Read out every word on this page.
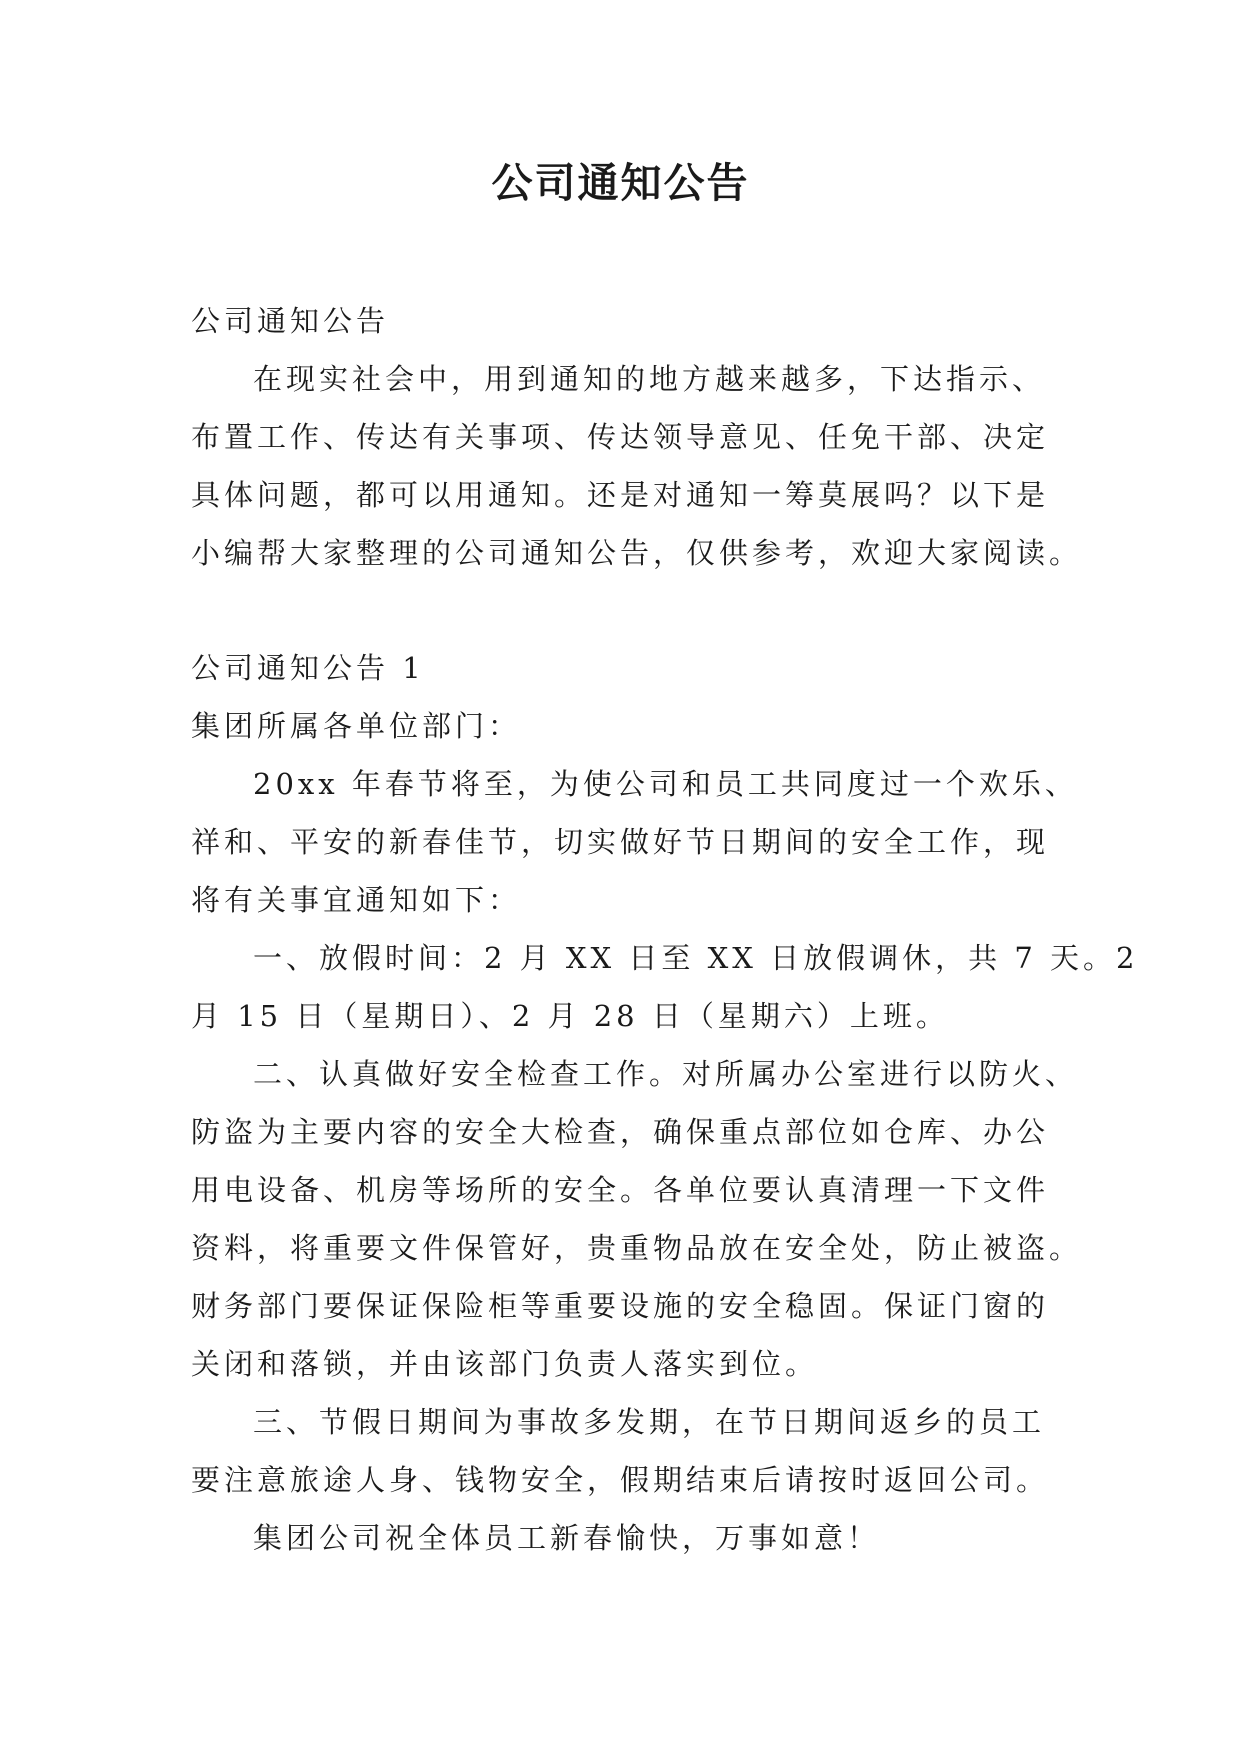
公司通知公告
公司通知公告
在现实社会中，用到通知的地方越来越多，下达指示、
布置工作、传达有关事项、传达领导意见、任免干部、决定
具体问题，都可以用通知。还是对通知一筹莫展吗？以下是
小编帮大家整理的公司通知公告，仅供参考，欢迎大家阅读。
公司通知公告 1
集团所属各单位部门：
20xx 年春节将至，为使公司和员工共同度过一个欢乐、
祥和、平安的新春佳节，切实做好节日期间的安全工作，现
将有关事宜通知如下：
一、放假时间：2 月 XX 日至 XX 日放假调休，共 7 天。2
月 15 日（星期日）、2 月 28 日（星期六）上班。
二、认真做好安全检查工作。对所属办公室进行以防火、
防盗为主要内容的安全大检查，确保重点部位如仓库、办公
用电设备、机房等场所的安全。各单位要认真清理一下文件
资料，将重要文件保管好，贵重物品放在安全处，防止被盗。
财务部门要保证保险柜等重要设施的安全稳固。保证门窗的
关闭和落锁，并由该部门负责人落实到位。
三、节假日期间为事故多发期，在节日期间返乡的员工
要注意旅途人身、钱物安全，假期结束后请按时返回公司。
集团公司祝全体员工新春愉快，万事如意！
